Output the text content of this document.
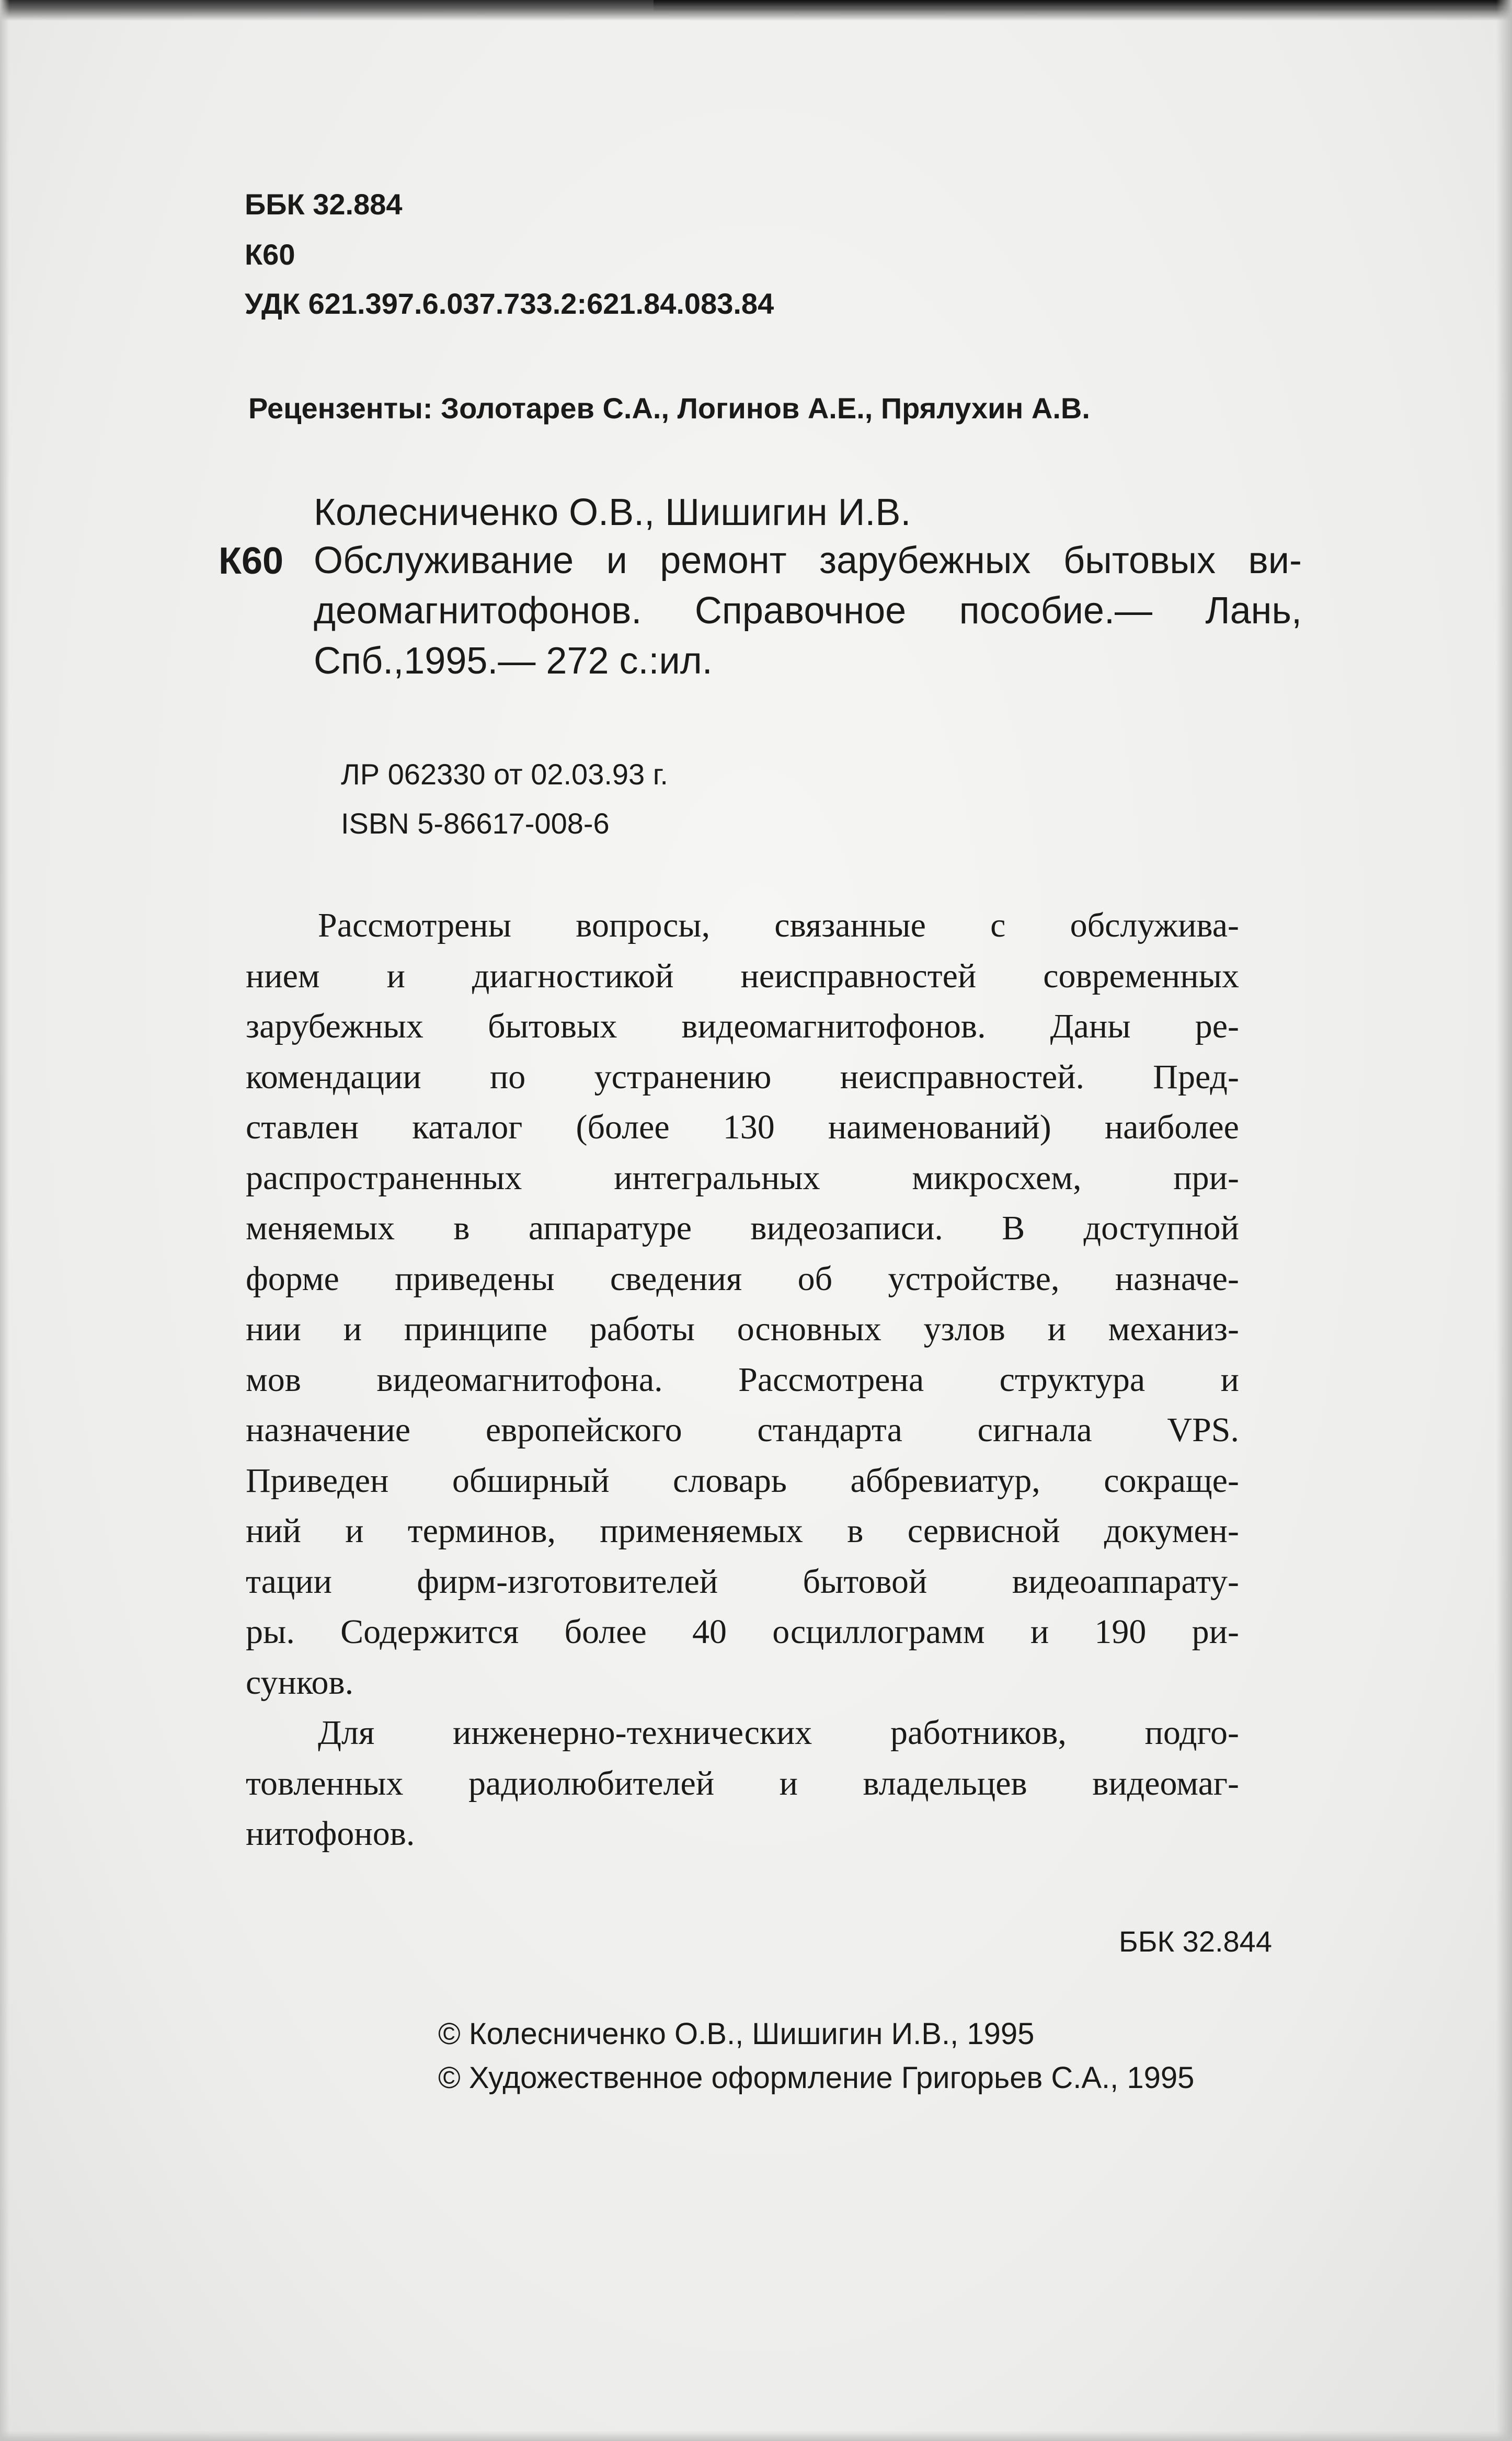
ББК 32.884
К60
УДК 621.397.6.037.733.2:621.84.083.84
Рецензенты: Золотарев С.А., Логинов А.Е., Прялухин А.В.
Колесниченко О.В., Шишигин И.В.
К60 Обслуживание и ремонт зарубежных бытовых ви-
деомагнитофонов. Справочное пособие.— Лань,
Спб.,1995.— 272 с.:ил.
ЛР 062330 от 02.03.93 г.
ISBN 5-86617-008-6
Рассмотрены вопросы, связанные с обслужива-
нием и диагностикой неисправностей современных
зарубежных бытовых видеомагнитофонов. Даны ре-
комендации по устранению неисправностей. Пред-
ставлен каталог (более 130 наименований) наиболее
распространенных	интегральных	микросхем,	при-
меняемых в аппаратуре видеозаписи. В доступной
форме приведены сведения об устройстве, назначе-
нии и принципе работы основных узлов и механиз-
мов видеомагнитофона. Рассмотрена структура и
назначение европейского стандарта сигнала VPS.
Приведен обширный словарь аббревиатур, сокраще-
ний и терминов, применяемых в сервисной докумен-
тации фирм-изготовителей бытовой видеоаппарату-
ры. Содержится более 40 осциллограмм и 190 ри-
сунков.
Для инженерно-технических работников, подго-
товленных радиолюбителей и владельцев видеомаг-
нитофонов.
ББК 32.844
© Колесниченко О.В., Шишигин И.В., 1995
© Художественное оформление Григорьев С.А., 1995
